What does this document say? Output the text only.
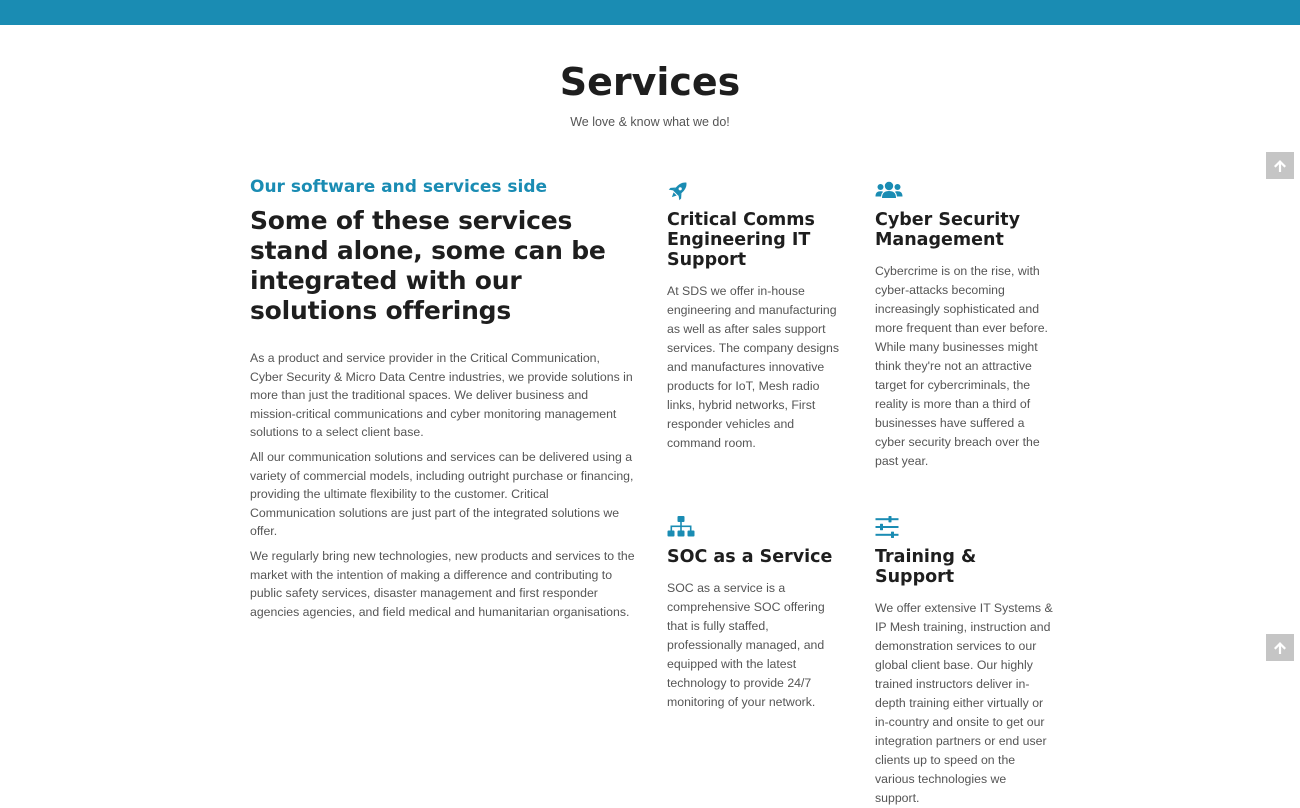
Services

We love & know what we do!

Our software and services side
Some of these services stand alone, some can be integrated with our solutions offerings

As a product and service provider in the Critical Communication, Cyber Security & Micro Data Centre industries, we provide solutions in more than just the traditional spaces. We deliver business and mission-critical communications and cyber monitoring management solutions to a select client base.

All our communication solutions and services can be delivered using a variety of commercial models, including outright purchase or financing, providing the ultimate flexibility to the customer. Critical Communication solutions are just part of the integrated solutions we offer.

We regularly bring new technologies, new products and services to the market with the intention of making a difference and contributing to public safety services, disaster management and first responder agencies agencies, and field medical and humanitarian organisations.

Critical Comms Engineering IT Support

At SDS we offer in-house engineering and manufacturing as well as after sales support services. The company designs and manufactures innovative products for IoT, Mesh radio links, hybrid networks, First responder vehicles and command room.

Cyber Security Management

Cybercrime is on the rise, with cyber-attacks becoming increasingly sophisticated and more frequent than ever before. While many businesses might think they're not an attractive target for cybercriminals, the reality is more than a third of businesses have suffered a cyber security breach over the past year.

SOC as a Service

SOC as a service is a comprehensive SOC offering that is fully staffed, professionally managed, and equipped with the latest technology to provide 24/7 monitoring of your network.

Training & Support

We offer extensive IT Systems & IP Mesh training, instruction and demonstration services to our global client base. Our highly trained instructors deliver in-depth training either virtually or in-country and onsite to get our integration partners or end user clients up to speed on the various technologies we support.
